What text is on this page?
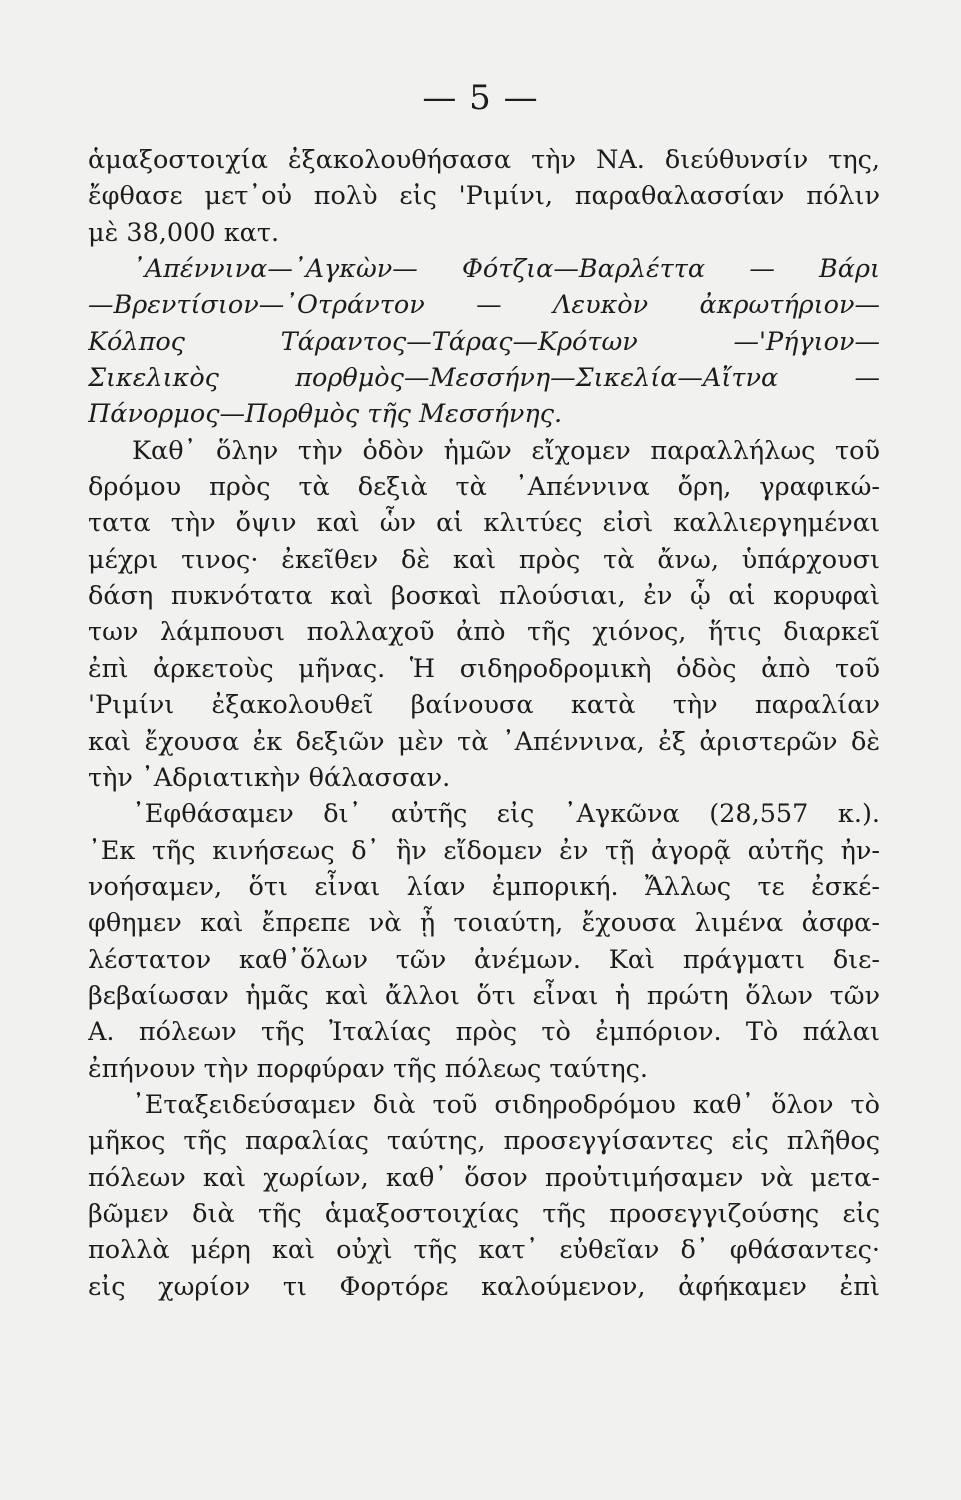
— 5 —
ἁμαξοστοιχία ἐξακολουθήσασα τὴν ΝΑ. διεύθυνσίν της,
ἔφθασε μετ᾽οὐ πολὺ εἰς 'Ριμίνι, παραθαλασσίαν πόλιν
μὲ 38,000 κατ.
᾽Απέννινα—᾽Αγκὼν— Φότζια—Βαρλέττα — Βάρι
—Βρεντίσιον—᾽Οτράντον — Λευκὸν ἀκρωτήριον—
Κόλπος Τάραντος—Τάρας—Κρότων —'Ρήγιον—
Σικελικὸς πορθμὸς—Μεσσήνη—Σικελία—Αἴτνα —
Πάνορμος—Πορθμὸς τῆς Μεσσήνης.
Καθ᾽ ὅλην τὴν ὁδὸν ἡμῶν εἴχομεν παραλλήλως τοῦ
δρόμου πρὸς τὰ δεξιὰ τὰ ᾽Απέννινα ὄρη, γραφικώ-
τατα τὴν ὄψιν καὶ ὧν αἱ κλιτύες εἰσὶ καλλιεργημέναι
μέχρι τινος· ἐκεῖθεν δὲ καὶ πρὸς τὰ ἄνω, ὑπάρχουσι
δάση πυκνότατα καὶ βοσκαὶ πλούσιαι, ἐν ᾧ αἱ κορυφαὶ
των λάμπουσι πολλαχοῦ ἀπὸ τῆς χιόνος, ἥτις διαρκεῖ
ἐπὶ ἀρκετοὺς μῆνας. Ἡ σιδηροδρομικὴ ὁδὸς ἀπὸ τοῦ
'Ριμίνι ἐξακολουθεῖ βαίνουσα κατὰ τὴν παραλίαν
καὶ ἔχουσα ἐκ δεξιῶν μὲν τὰ ᾽Απέννινα, ἐξ ἀριστερῶν δὲ
τὴν ᾽Αδριατικὴν θάλασσαν.
᾽Εφθάσαμεν δι᾽ αὐτῆς εἰς ᾽Αγκῶνα (28,557 κ.).
᾽Εκ τῆς κινήσεως δ᾽ ἣν εἴδομεν ἐν τῇ ἀγορᾷ αὐτῆς ἠν-
νοήσαμεν, ὅτι εἶναι λίαν ἐμπορική. Ἄλλως τε ἐσκέ-
φθημεν καὶ ἔπρεπε νὰ ᾖ τοιαύτη, ἔχουσα λιμένα ἀσφα-
λέστατον καθ᾽ὅλων τῶν ἀνέμων. Καὶ πράγματι διε-
βεβαίωσαν ἡμᾶς καὶ ἄλλοι ὅτι εἶναι ἡ πρώτη ὅλων τῶν
Α. πόλεων τῆς Ἰταλίας πρὸς τὸ ἐμπόριον. Τὸ πάλαι
ἐπήνουν τὴν πορφύραν τῆς πόλεως ταύτης.
᾽Εταξειδεύσαμεν διὰ τοῦ σιδηροδρόμου καθ᾽ ὅλον τὸ
μῆκος τῆς παραλίας ταύτης, προσεγγίσαντες εἰς πλῆθος
πόλεων καὶ χωρίων, καθ᾽ ὅσον προὐτιμήσαμεν νὰ μετα-
βῶμεν διὰ τῆς ἁμαξοστοιχίας τῆς προσεγγιζούσης εἰς
πολλὰ μέρη καὶ οὐχὶ τῆς κατ᾽ εὐθεῖαν δ᾽ φθάσαντες·
εἰς χωρίον τι Φορτόρε καλούμενον, ἀφήκαμεν ἐπὶ
